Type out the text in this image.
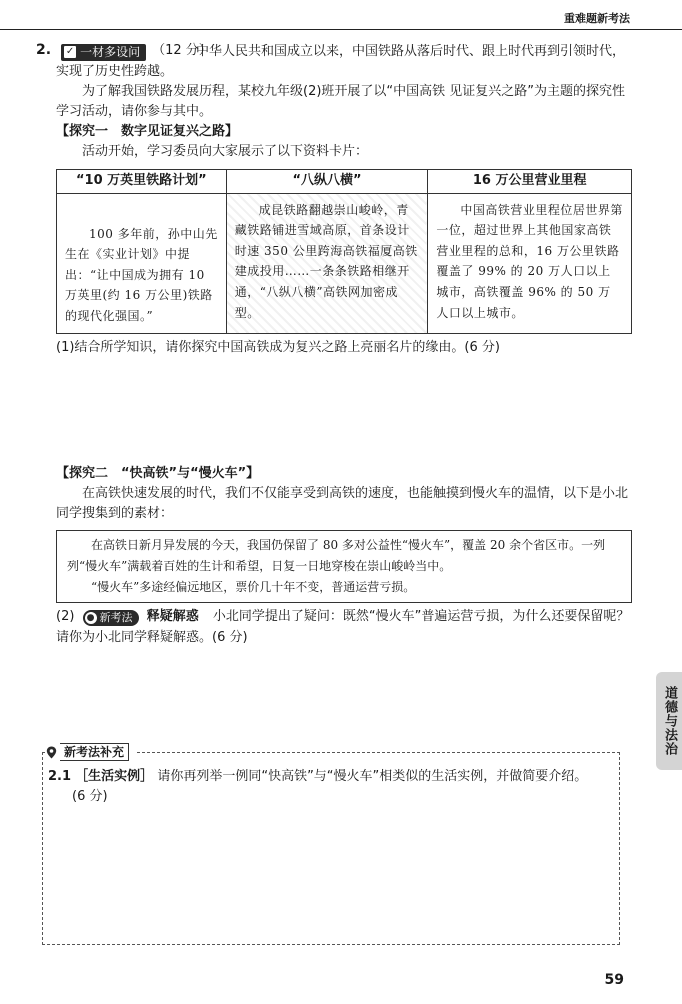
重难题新考法
2. ✓ 一材多设问 （12 分）

中华人民共和国成立以来，中国铁路从落后时代、跟上时代再到引领时代，实现了历史性跨越。

为了解我国铁路发展历程，某校九年级(2)班开展了以“中国高铁 见证复兴之路”为主题的探究性学习活动，请你参与其中。

【探究一　数字见证复兴之路】

活动开始，学习委员向大家展示了以下资料卡片：

“10 万英里铁路计划”	“八纵八横”	16 万公里营业里程

100 多年前，孙中山先生在《实业计划》中提出：“让中国成为拥有 10 万英里(约 16 万公里)铁路的现代化强国。”	成昆铁路翻越崇山峻岭，青藏铁路铺进雪域高原，首条设计时速 350 公里跨海高铁福厦高铁建成投用……一条条铁路相继开通，“八纵八横”高铁网加密成型。	中国高铁营业里程位居世界第一位，超过世界上其他国家高铁营业里程的总和，16 万公里铁路覆盖了 99% 的 20 万人口以上城市，高铁覆盖 96% 的 50 万人口以上城市。

(1)结合所学知识，请你探究中国高铁成为复兴之路上亮丽名片的缘由。(6 分)

【探究二　“快高铁”与“慢火车”】

在高铁快速发展的时代，我们不仅能享受到高铁的速度，也能触摸到慢火车的温情，以下是小北同学搜集到的素材：

在高铁日新月异发展的今天，我国仍保留了 80 多对公益性“慢火车”，覆盖 20 余个省区市。一列列“慢火车”满载着百姓的生计和希望，日复一日地穿梭在崇山峻岭当中。

“慢火车”多途经偏远地区，票价几十年不变，普通运营亏损。

(2) ● 新考法 释疑解惑 小北同学提出了疑问：既然“慢火车”普遍运营亏损，为什么还要保留呢？请你为小北同学释疑解惑。(6 分)

新考法补充

2.1 ［生活实例］ 请你再列举一例同“快高铁”与“慢火车”相类似的生活实例，并做简要介绍。

(6 分)

道德与法治
59
